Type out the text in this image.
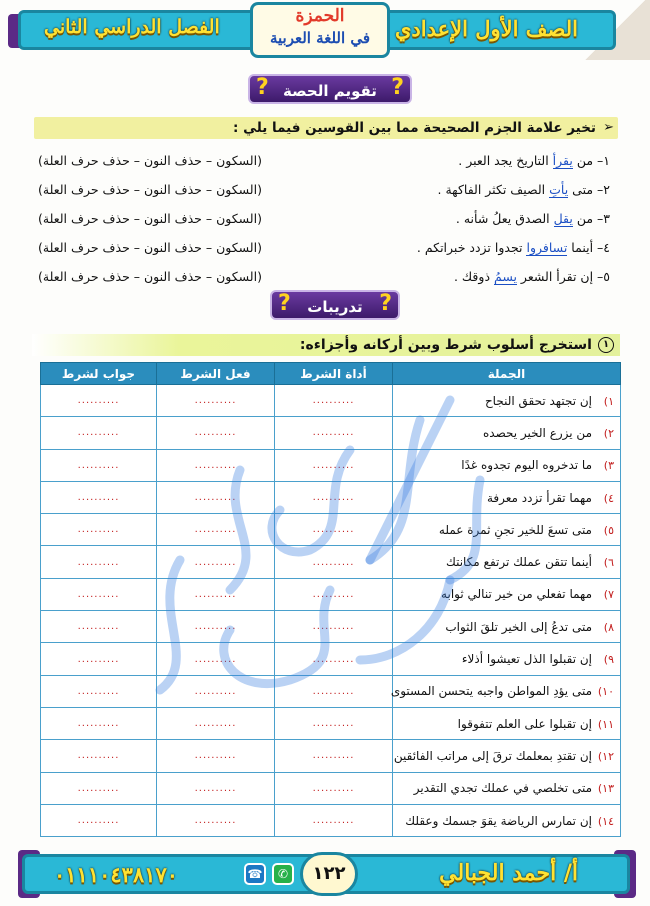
الصف الأول الإعدادي
الفصل الدراسي الثاني	الحمزة
في اللغة العربية
?
تقويم الحصة
?
➢
تخير علامة الجزم الصحيحة مما بين القوسين فيما يلي :
١– من يقرأ التاريخ يجد العبر .
(السكون – حذف النون – حذف حرف العلة)
٢– متى يأتِ الصيف تكثر الفاكهة .
(السكون – حذف النون – حذف حرف العلة)
٣– من يقل الصدق يعلُ شأنه .
(السكون – حذف النون – حذف حرف العلة)
٤– أينما تسافروا تجدوا تزدد خبراتكم .
(السكون – حذف النون – حذف حرف العلة)
٥– إن تقرأ الشعر يسمُ ذوقك .
(السكون – حذف النون – حذف حرف العلة)
?
تدريبات
?
١
استخرج أسلوب شرط وبين أركانه وأجزاءه:
الجملة	أداة الشرط	فعل الشرط	جواب لشرط
١)إن تجتهد تحقق النجاح	..........	..........	..........
٢)من يزرع الخير يحصده	..........	..........	..........
٣)ما تدخروه اليوم تجدوه غدًا	..........	..........	..........
٤)مهما تقرأ تزدد معرفة	..........	..........	..........
٥)متى تسعَ للخير تجنِ ثمرة عمله	..........	..........	..........
٦)أينما تتقن عملك ترتفع مكانتك	..........	..........	..........
٧)مهما تفعلي من خير تنالي ثوابه	..........	..........	..........
٨)متى تدعُ إلى الخير تلقَ الثواب	..........	..........	..........
٩)إن تقبلوا الذل تعيشوا أذلاء	..........	..........	..........
١٠)متى يؤدِ المواطن واجبه يتحسن المستوى	..........	..........	..........
١١)إن تقبلوا على العلم تتفوقوا	..........	..........	..........
١٢)إن تقتدِ بمعلمك ترقَ إلى مراتب الفائقين	..........	..........	..........
١٣)متى تخلصي في عملك تجدي التقدير	..........	..........	..........
١٤)إن تمارس الرياضة يقوَ جسمك وعقلك	..........	..........	..........
٠١١١٠٤٣٨١٧٠	☎	✆	١٢٢	أ/ أحمد الجبالي
